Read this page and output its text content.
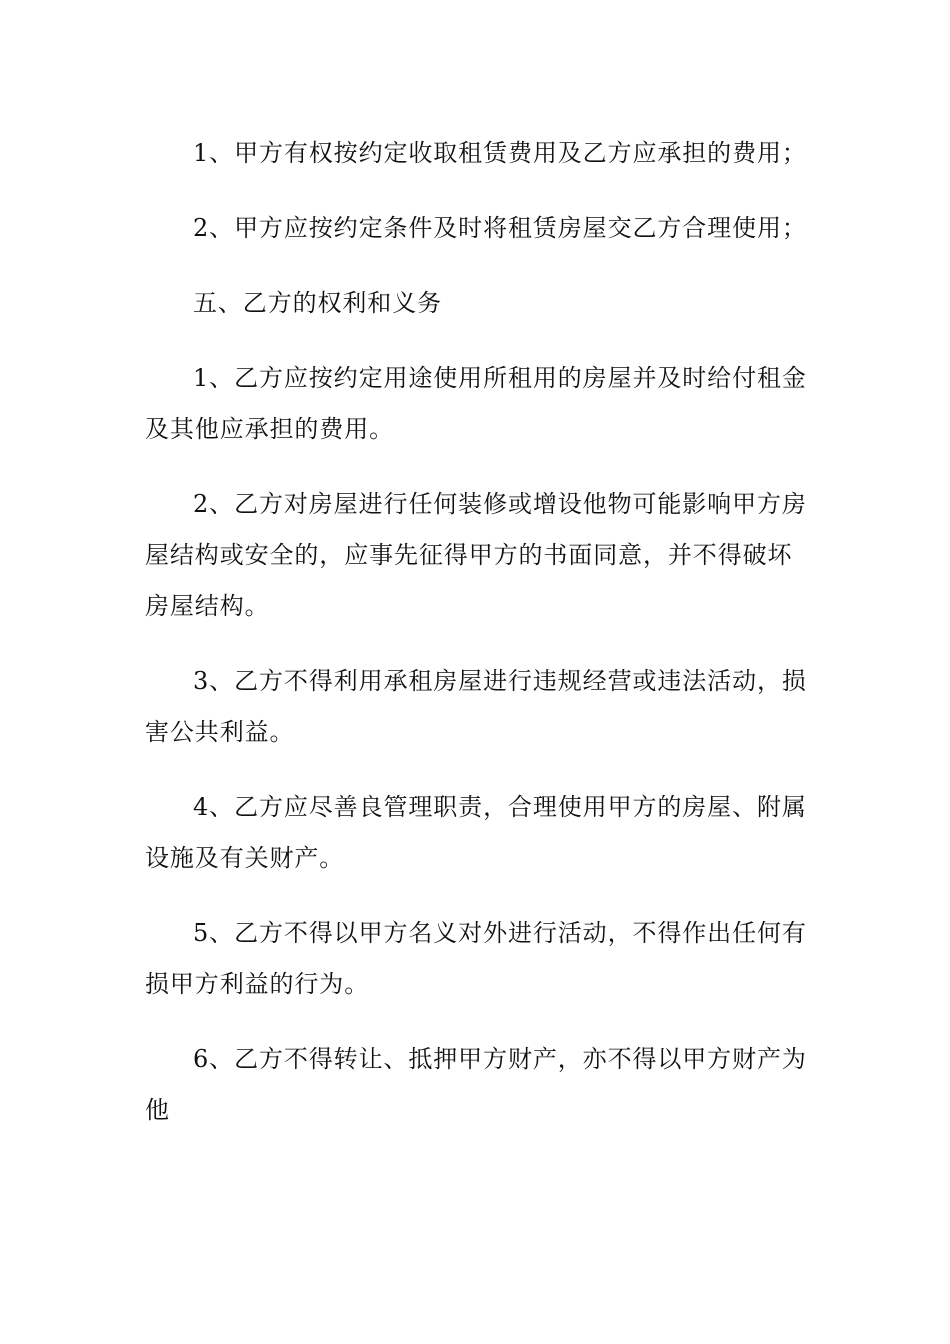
1、甲方有权按约定收取租赁费用及乙方应承担的费用；

2、甲方应按约定条件及时将租赁房屋交乙方合理使用；

五、乙方的权利和义务

1、乙方应按约定用途使用所租用的房屋并及时给付租金及其他应承担的费用。

2、乙方对房屋进行任何装修或增设他物可能影响甲方房屋结构或安全的，应事先征得甲方的书面同意，并不得破坏房屋结构。

3、乙方不得利用承租房屋进行违规经营或违法活动，损害公共利益。

4、乙方应尽善良管理职责，合理使用甲方的房屋、附属设施及有关财产。

5、乙方不得以甲方名义对外进行活动，不得作出任何有损甲方利益的行为。

6、乙方不得转让、抵押甲方财产，亦不得以甲方财产为他
